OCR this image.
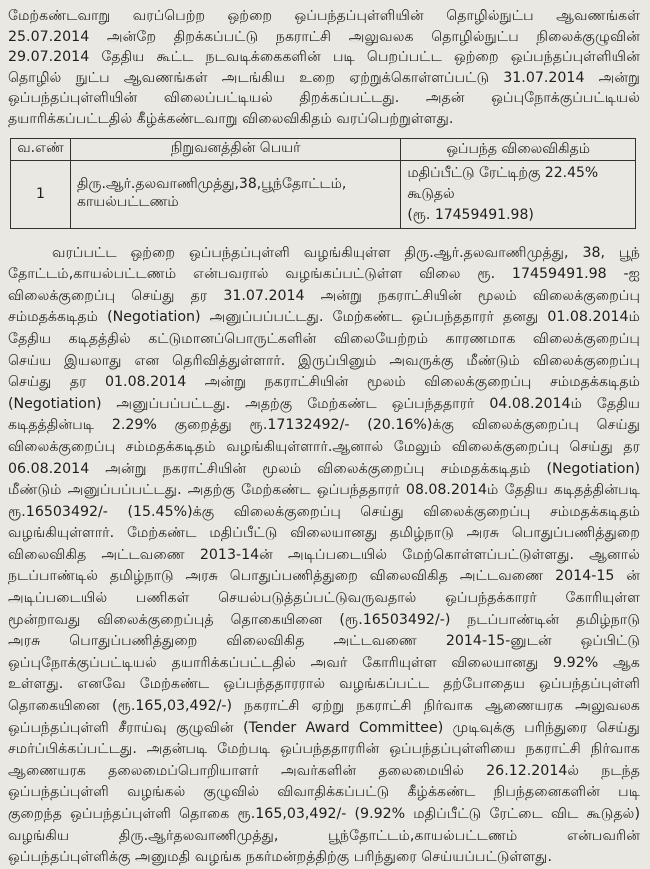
மேற்கண்டவாறு வரப்பெற்ற ஒற்றை ஒப்பந்தப்புள்ளியின் தொழில்நுட்ப ஆவணங்கள்

25.07.2014 அன்றே திறக்கப்பட்டு நகராட்சி அலுவலக தொழில்நுட்ப நிலைக்குழுவின்

29.07.2014 தேதிய கூட்ட நடவடிக்கைகளின் படி பெறப்பட்ட ஒற்றை ஒப்பந்தப்புள்ளியின்

தொழில் நுட்ப ஆவணங்கள் அடங்கிய உறை ஏற்றுக்கொள்ளப்பட்டு 31.07.2014 அன்று

ஒப்பந்தப்புள்ளியின் விலைப்பட்டியல் திறக்கப்பட்டது. அதன் ஒப்புநோக்குப்பட்டியல்

தயாரிக்கப்பட்டதில் கீழ்க்கண்டவாறு விலைவிகிதம் வரப்பெற்றுள்ளது.

வ.எண்	நிறுவனத்தின் பெயர்	ஒப்பந்த விலைவிகிதம்
1	திரு.ஆர்.தலவாணிமுத்து,38,பூந்தோட்டம், காயல்பட்டணம்	மதிப்பீட்டு ரேட்டிற்கு 22.45%
கூடுதல்
(ரூ. 17459491.98)

வரப்பட்ட ஒற்றை ஒப்பந்தப்புள்ளி வழங்கியுள்ள திரு.ஆர்.தலவாணிமுத்து, 38, பூந்

தோட்டம்,காயல்பட்டணம் என்பவரால் வழங்கப்பட்டுள்ள விலை ரூ. 17459491.98 -ஐ

விலைக்குறைப்பு செய்து தர 31.07.2014 அன்று நகராட்சியின் மூலம் விலைக்குறைப்பு

சம்மதக்கடிதம் (Negotiation) அனுப்பப்பட்டது. மேற்கண்ட ஒப்பந்ததாரர் தனது 01.08.2014ம்

தேதிய கடிதத்தில் கட்டுமானப்பொருட்களின் விலையேற்றம் காரணமாக விலைக்குறைப்பு

செய்ய இயலாது என தெரிவித்துள்ளார். இருப்பினும் அவருக்கு மீண்டும் விலைக்குறைப்பு

செய்து தர 01.08.2014 அன்று நகராட்சியின் மூலம் விலைக்குறைப்பு சம்மதக்கடிதம்

(Negotiation) அனுப்பப்பட்டது. அதற்கு மேற்கண்ட ஒப்பந்ததாரர் 04.08.2014ம் தேதிய

கடிதத்தின்படி 2.29% குறைத்து ரூ.17132492/- (20.16%)க்கு விலைக்குறைப்பு செய்து

விலைக்குறைப்பு சம்மதக்கடிதம் வழங்கியுள்ளார்.ஆனால் மேலும் விலைக்குறைப்பு செய்து தர

06.08.2014 அன்று நகராட்சியின் மூலம் விலைக்குறைப்பு சம்மதக்கடிதம் (Negotiation)

மீண்டும் அனுப்பப்பட்டது. அதற்கு மேற்கண்ட ஒப்பந்ததாரர் 08.08.2014ம் தேதிய கடிதத்தின்படி

ரூ.16503492/- (15.45%)க்கு விலைக்குறைப்பு செய்து விலைக்குறைப்பு சம்மதக்கடிதம்

வழங்கியுள்ளார். மேற்கண்ட மதிப்பீட்டு விலையானது தமிழ்நாடு அரசு பொதுப்பணித்துறை

விலைவிகித அட்டவணை 2013-14ன் அடிப்படையில் மேற்கொள்ளப்பட்டுள்ளது. ஆனால்

நடப்பாண்டில் தமிழ்நாடு அரசு பொதுப்பணித்துறை விலைவிகித அட்டவணை 2014-15 ன்

அடிப்படையில் பணிகள் செயல்படுத்தப்பட்டுவருவதால் ஒப்பந்தக்காரர் கோரியுள்ள

மூன்றாவது விலைக்குறைப்புத் தொகையினை (ரூ.16503492/-) நடப்பாண்டின் தமிழ்நாடு

அரசு பொதுப்பணித்துறை விலைவிகித அட்டவணை 2014-15-னுடன் ஒப்பிட்டு

ஒப்புநோக்குப்பட்டியல் தயாரிக்கப்பட்டதில் அவர் கோரியுள்ள விலையானது 9.92% ஆக

உள்ளது. எனவே மேற்கண்ட ஒப்பந்ததாரரால் வழங்கப்பட்ட தற்போதைய ஒப்பந்தப்புள்ளி

தொகையினை (ரூ.165,03,492/-) நகராட்சி ஏற்று நகராட்சி நிர்வாக ஆணையரக அலுவலக

ஒப்பந்தப்புள்ளி சீராய்வு குழுவின் (Tender Award Committee) முடிவுக்கு பரிந்துரை செய்து

சமர்ப்பிக்கப்பட்டது. அதன்படி மேற்படி ஒப்பந்ததாரரின் ஒப்பந்தப்புள்ளியை நகராட்சி நிர்வாக

ஆணையரக தலைமைப்பொறியாளர் அவர்களின் தலைமையில் 26.12.2014ல் நடந்த

ஒப்பந்தப்புள்ளி வழங்கல் குழுவில் விவாதிக்கப்பட்டு கீழ்க்கண்ட நிபந்தனைகளின் படி

குறைந்த ஒப்பந்தப்புள்ளி தொகை ரூ.165,03,492/- (9.92% மதிப்பீட்டு ரேட்டை விட கூடுதல்)

வழங்கிய திரு.ஆர்தலவாணிமுத்து, பூந்தோட்டம்,காயல்பட்டணம் என்பவரின்

ஒப்பந்தப்புள்ளிக்கு அனுமதி வழங்க நகர்மன்றத்திற்கு பரிந்துரை செய்யப்பட்டுள்ளது.
